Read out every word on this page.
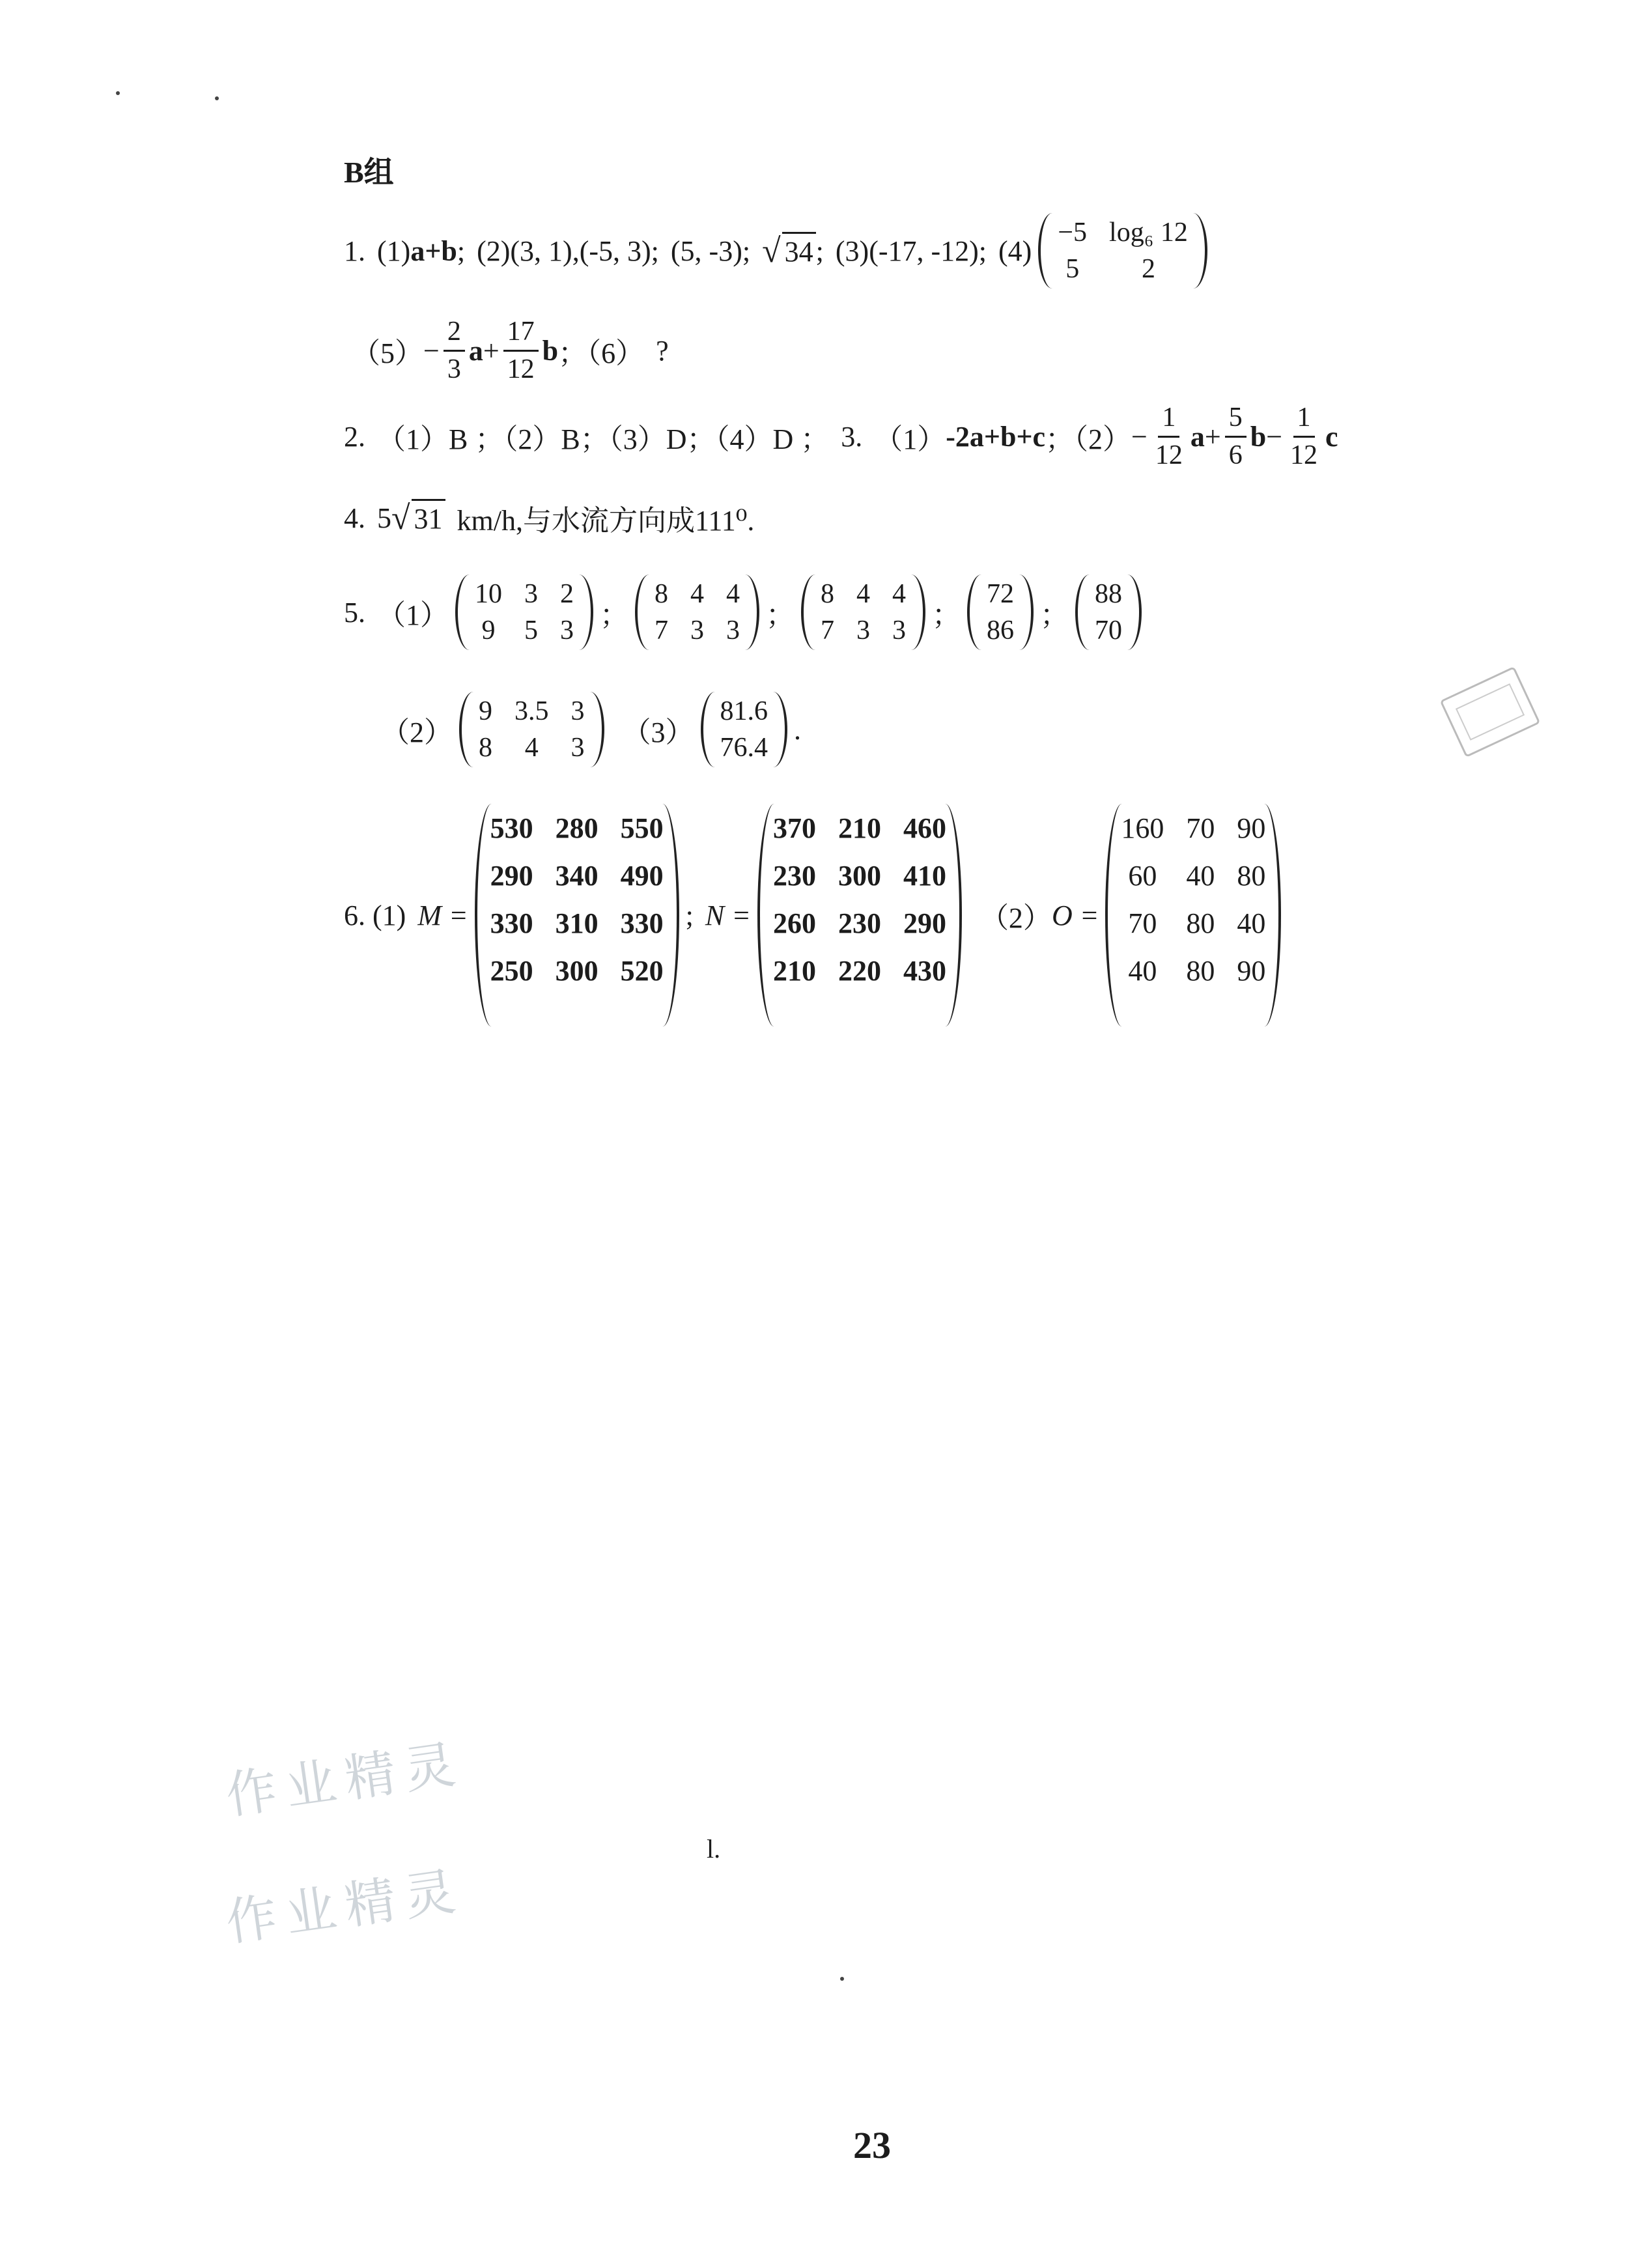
B组
1. (1) a+b ; (2) (3, 1), (-5, 3); (5, -3); √ 34 ; (3) (-17, -12); (4)
−5 log₆ 12
5 2
$(5) - \frac{2}{3}$ $a + \frac{17}{12}$ b ；（6） ?
2. （1）B ；（2）B；（3）D；（4）D ； 3. （1） -2a+b+c ；$(2) - \frac{1}{12}$ $a + \frac{5}{6}$ $b - \frac{1}{12}$ c
4. 5 √ 31 km/h,与水流方向成111⁰.
5. （1）
10 3 2
9 5 3 ；
8 4 4
7 3 3 ；
8 4 4
7 3 3 ；
72
86 ；
88
70
（2）
9 3.5 3
8 4 3 （3）
81.6
76.4
.
6. (1) M =
530 280 550
290 340 490
330 310 330
250 300 520
; N =
370 210 460
230 300 410
260 230 290
210 220 430
（2） O =
160 70 90
60 40 80
70 80 40
40 80 90
作业精灵
作业精灵
l.
23
